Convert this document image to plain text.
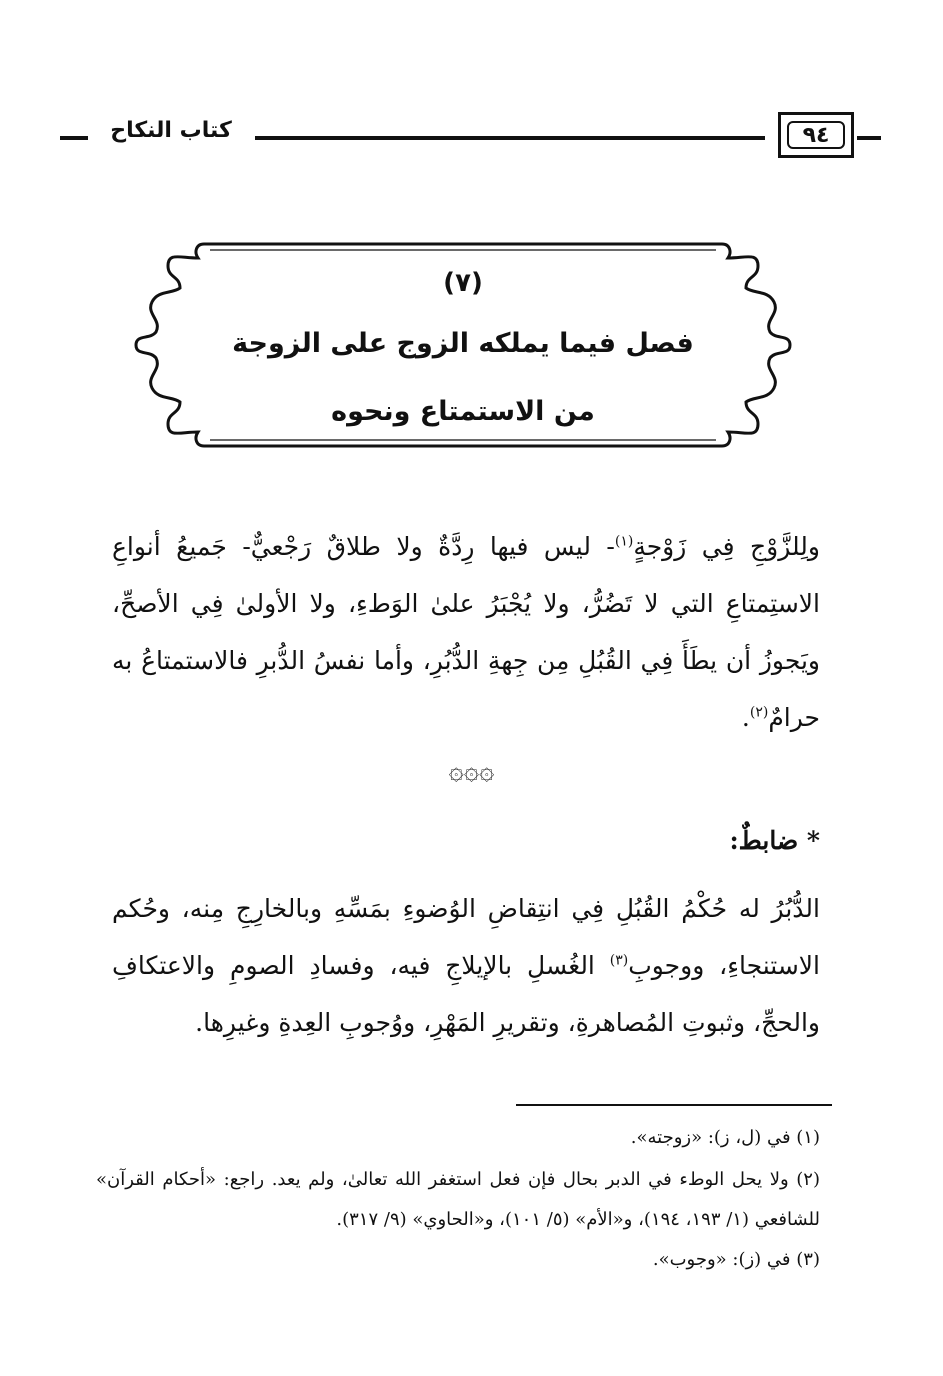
كتاب النكاح	٩٤
(٧)
فصل فيما يملكه الزوج على الزوجة
من الاستمتاع ونحوه
ولِلزَّوْجِ فِي زَوْجةٍ$^{(١)}$- ليس فيها رِدَّةٌ ولا طلاقٌ رَجْعيٌّ- جَميعُ أنواعِ الاستِمتاعِ التي لا تَضُرُّ، ولا يُجْبَرُ علىٰ الوَطءِ، ولا الأولىٰ فِي الأصحِّ، ويَجوزُ أن يطَأَ فِي القُبُلِ مِن جِهةِ الدُّبُرِ، وأما نفسُ الدُّبرِ فالاستمتاعُ به حرامٌ$^{(٢)}$.
۞۞۞
* ضابطٌ:
الدُّبُرُ له حُكْمُ القُبُلِ فِي انتِقاضِ الوُضوءِ بمَسِّهِ وبالخارِجِ مِنه، وحُكم الاستنجاءِ، ووجوبِ$^{(٣)}$ الغُسلِ بالإيلاجِ فيه، وفسادِ الصومِ والاعتكافِ والحجِّ، وثبوتِ المُصاهرةِ، وتقريرِ المَهْرِ، ووُجوبِ العِدةِ وغيرِها.
(١) في (ل، ز): «زوجته».
(٢) ولا يحل الوطء في الدبر بحال فإن فعل استغفر الله تعالىٰ، ولم يعد. راجع: «أحكام القرآن» للشافعي (١/ ١٩٣، ١٩٤)، و«الأم» (٥/ ١٠١)، و«الحاوي» (٩/ ٣١٧).
(٣) في (ز): «وجوب».
